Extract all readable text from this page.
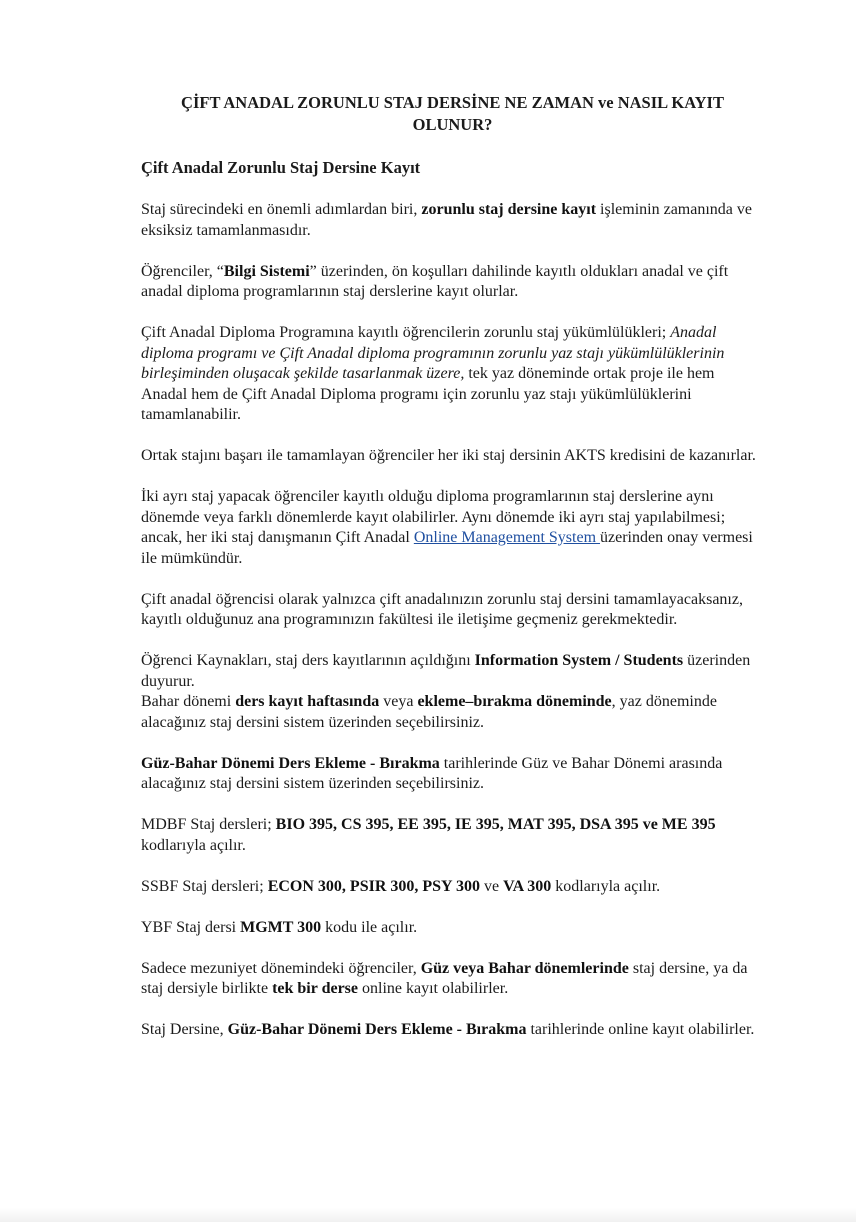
ÇİFT ANADAL ZORUNLU STAJ DERSİNE NE ZAMAN ve NASIL KAYIT
OLUNUR?
Çift Anadal Zorunlu Staj Dersine Kayıt

Staj sürecindeki en önemli adımlardan biri, zorunlu staj dersine kayıt işleminin zamanında ve eksiksiz tamamlanmasıdır.

Öğrenciler, “Bilgi Sistemi” üzerinden, ön koşulları dahilinde kayıtlı oldukları anadal ve çift anadal diploma programlarının staj derslerine kayıt olurlar.

Çift Anadal Diploma Programına kayıtlı öğrencilerin zorunlu staj yükümlülükleri; Anadal diploma programı ve Çift Anadal diploma programının zorunlu yaz stajı yükümlülüklerinin birleşiminden oluşacak şekilde tasarlanmak üzere, tek yaz döneminde ortak proje ile hem Anadal hem de Çift Anadal Diploma programı için zorunlu yaz stajı yükümlülüklerini tamamlanabilir.

Ortak stajını başarı ile tamamlayan öğrenciler her iki staj dersinin AKTS kredisini de kazanırlar.

İki ayrı staj yapacak öğrenciler kayıtlı olduğu diploma programlarının staj derslerine aynı dönemde veya farklı dönemlerde kayıt olabilirler. Aynı dönemde iki ayrı staj yapılabilmesi; ancak, her iki staj danışmanın Çift Anadal Online Management System üzerinden onay vermesi ile mümkündür.

Çift anadal öğrencisi olarak yalnızca çift anadalınızın zorunlu staj dersini tamamlayacaksanız, kayıtlı olduğunuz ana programınızın fakültesi ile iletişime geçmeniz gerekmektedir.

Öğrenci Kaynakları, staj ders kayıtlarının açıldığını Information System / Students üzerinden duyurur.

Bahar dönemi ders kayıt haftasında veya ekleme–bırakma döneminde, yaz döneminde alacağınız staj dersini sistem üzerinden seçebilirsiniz.

Güz-Bahar Dönemi Ders Ekleme - Bırakma tarihlerinde Güz ve Bahar Dönemi arasında alacağınız staj dersini sistem üzerinden seçebilirsiniz.

MDBF Staj dersleri; BIO 395, CS 395, EE 395, IE 395, MAT 395, DSA 395 ve ME 395 kodlarıyla açılır.

SSBF Staj dersleri; ECON 300, PSIR 300, PSY 300 ve VA 300 kodlarıyla açılır.

YBF Staj dersi MGMT 300 kodu ile açılır.

Sadece mezuniyet dönemindeki öğrenciler, Güz veya Bahar dönemlerinde staj dersine, ya da staj dersiyle birlikte tek bir derse online kayıt olabilirler.

Staj Dersine, Güz-Bahar Dönemi Ders Ekleme - Bırakma tarihlerinde online kayıt olabilirler.
